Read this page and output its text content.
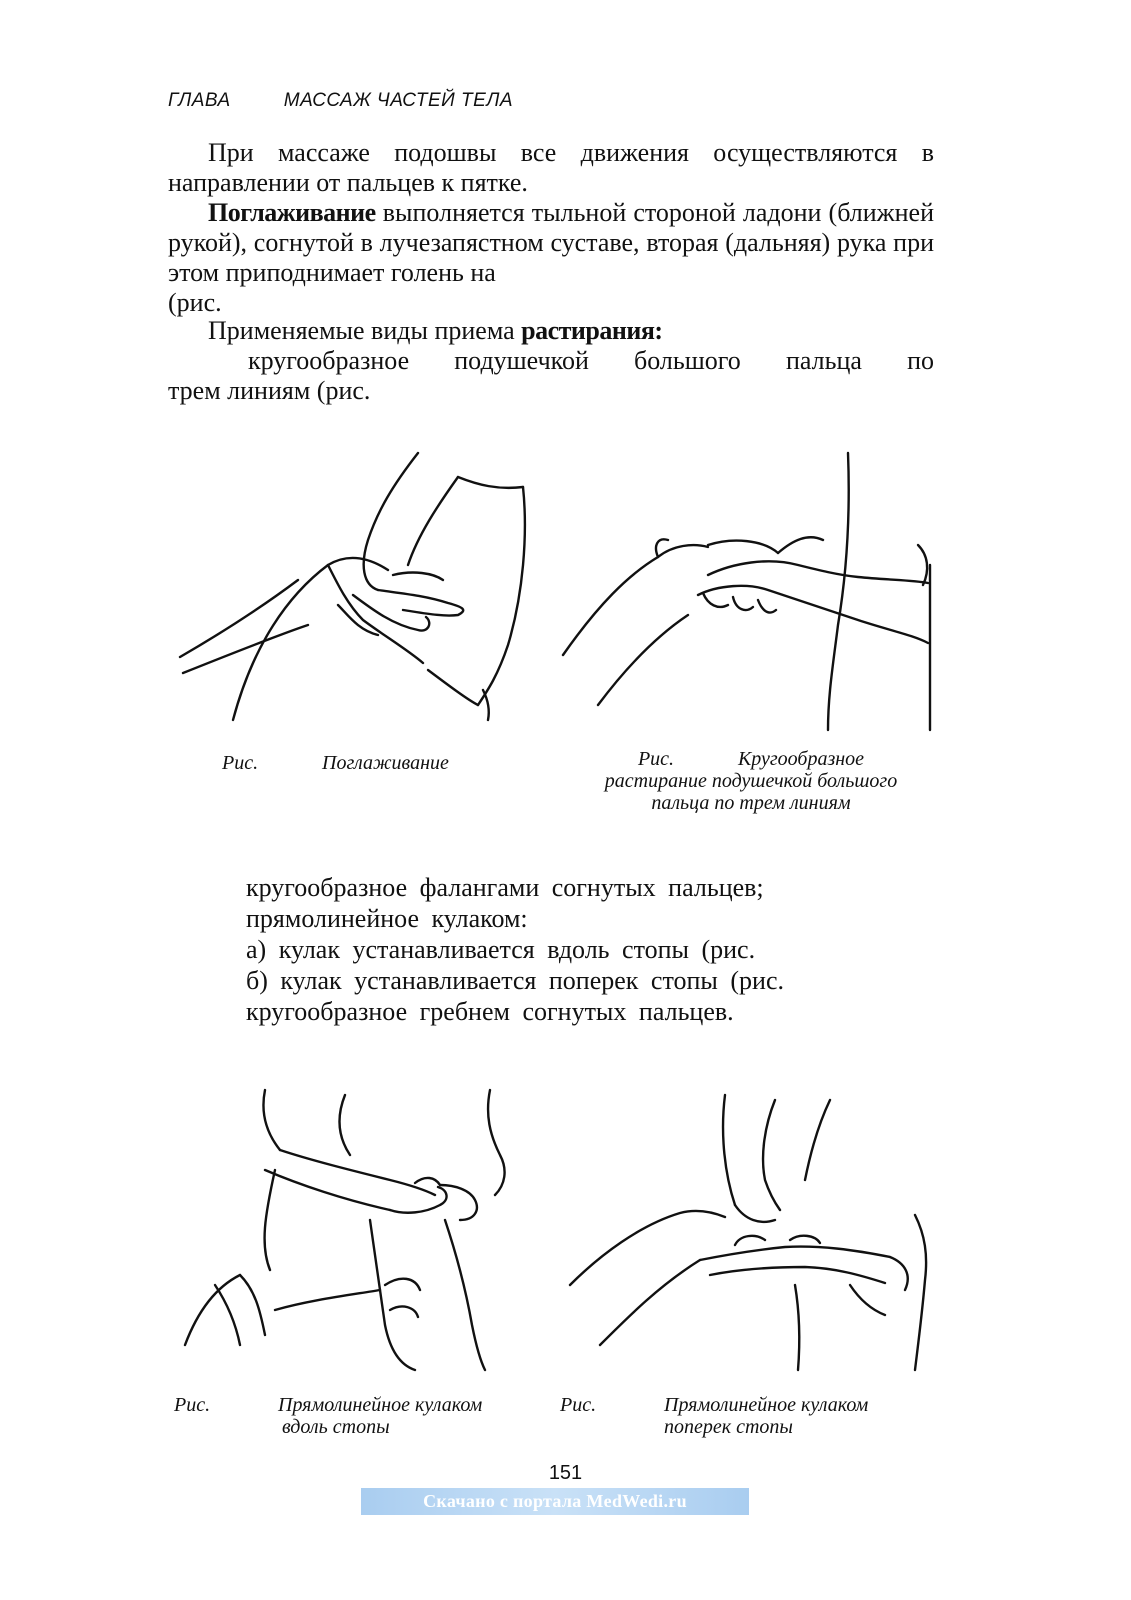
ГЛАВА	МАССАЖ ЧАСТЕЙ ТЕЛА

При массаже подошвы все движения осуществляются в направлении от пальцев к пятке.

Поглаживание выполняется тыльной стороной ладони (ближней рукой), согнутой в лучезапястном суставе, вторая (дальняя) рука при этом приподнимает голень на

(рис.

Применяемые виды приема растирания:

кругообразное подушечкой большого пальца по

трем линиям (рис.

Рис.	Поглаживание	Рис.	Кругообразное
растирание подушечкой большого
пальца по трем линиям
кругообразное фалангами согнутых пальцев;
прямолинейное кулаком:
а) кулак устанавливается вдоль стопы (рис.
б) кулак устанавливается поперек стопы (рис.
кругообразное гребнем согнутых пальцев.
Рис.	Прямолинейное кулаком
вдоль стопы
Рис.	Прямолинейное кулаком
поперек стопы
151
Скачано с портала MedWedi.ru
